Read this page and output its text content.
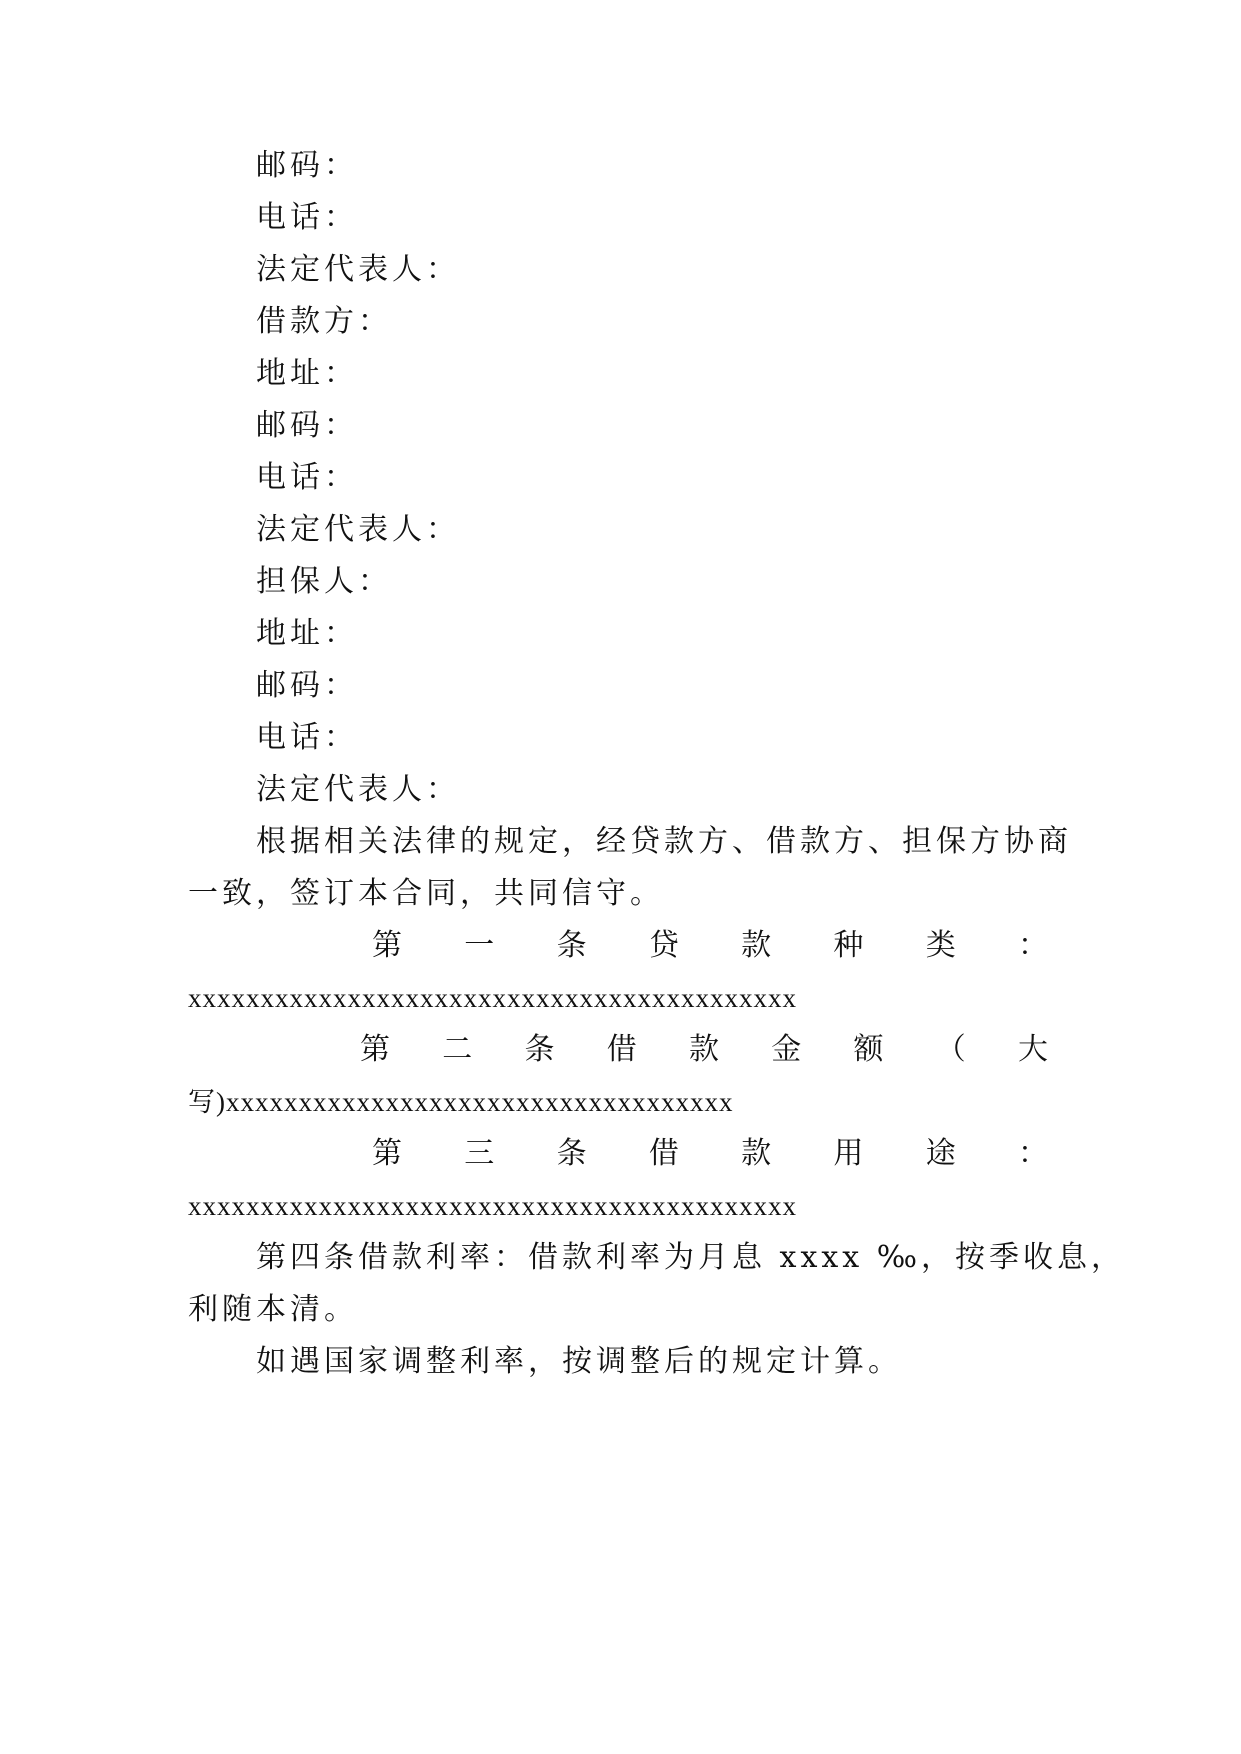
邮码：
电话：
法定代表人：
借款方：
地址：
邮码：
电话：
法定代表人：
担保人：
地址：
邮码：
电话：
法定代表人：
根据相关法律的规定，经贷款方、借款方、担保方协商
一致，签订本合同，共同信守。
第 一 条 贷 款 种 类 ：
xxxxxxxxxxxxxxxxxxxxxxxxxxxxxxxxxxxxxxxxxx
第 二 条 借 款 金 额 （ 大
写)xxxxxxxxxxxxxxxxxxxxxxxxxxxxxxxxxxx
第 三 条 借 款 用 途 ：
xxxxxxxxxxxxxxxxxxxxxxxxxxxxxxxxxxxxxxxxxx
第四条借款利率：借款利率为月息 xxxx ‰，按季收息，
利随本清。
如遇国家调整利率，按调整后的规定计算。
